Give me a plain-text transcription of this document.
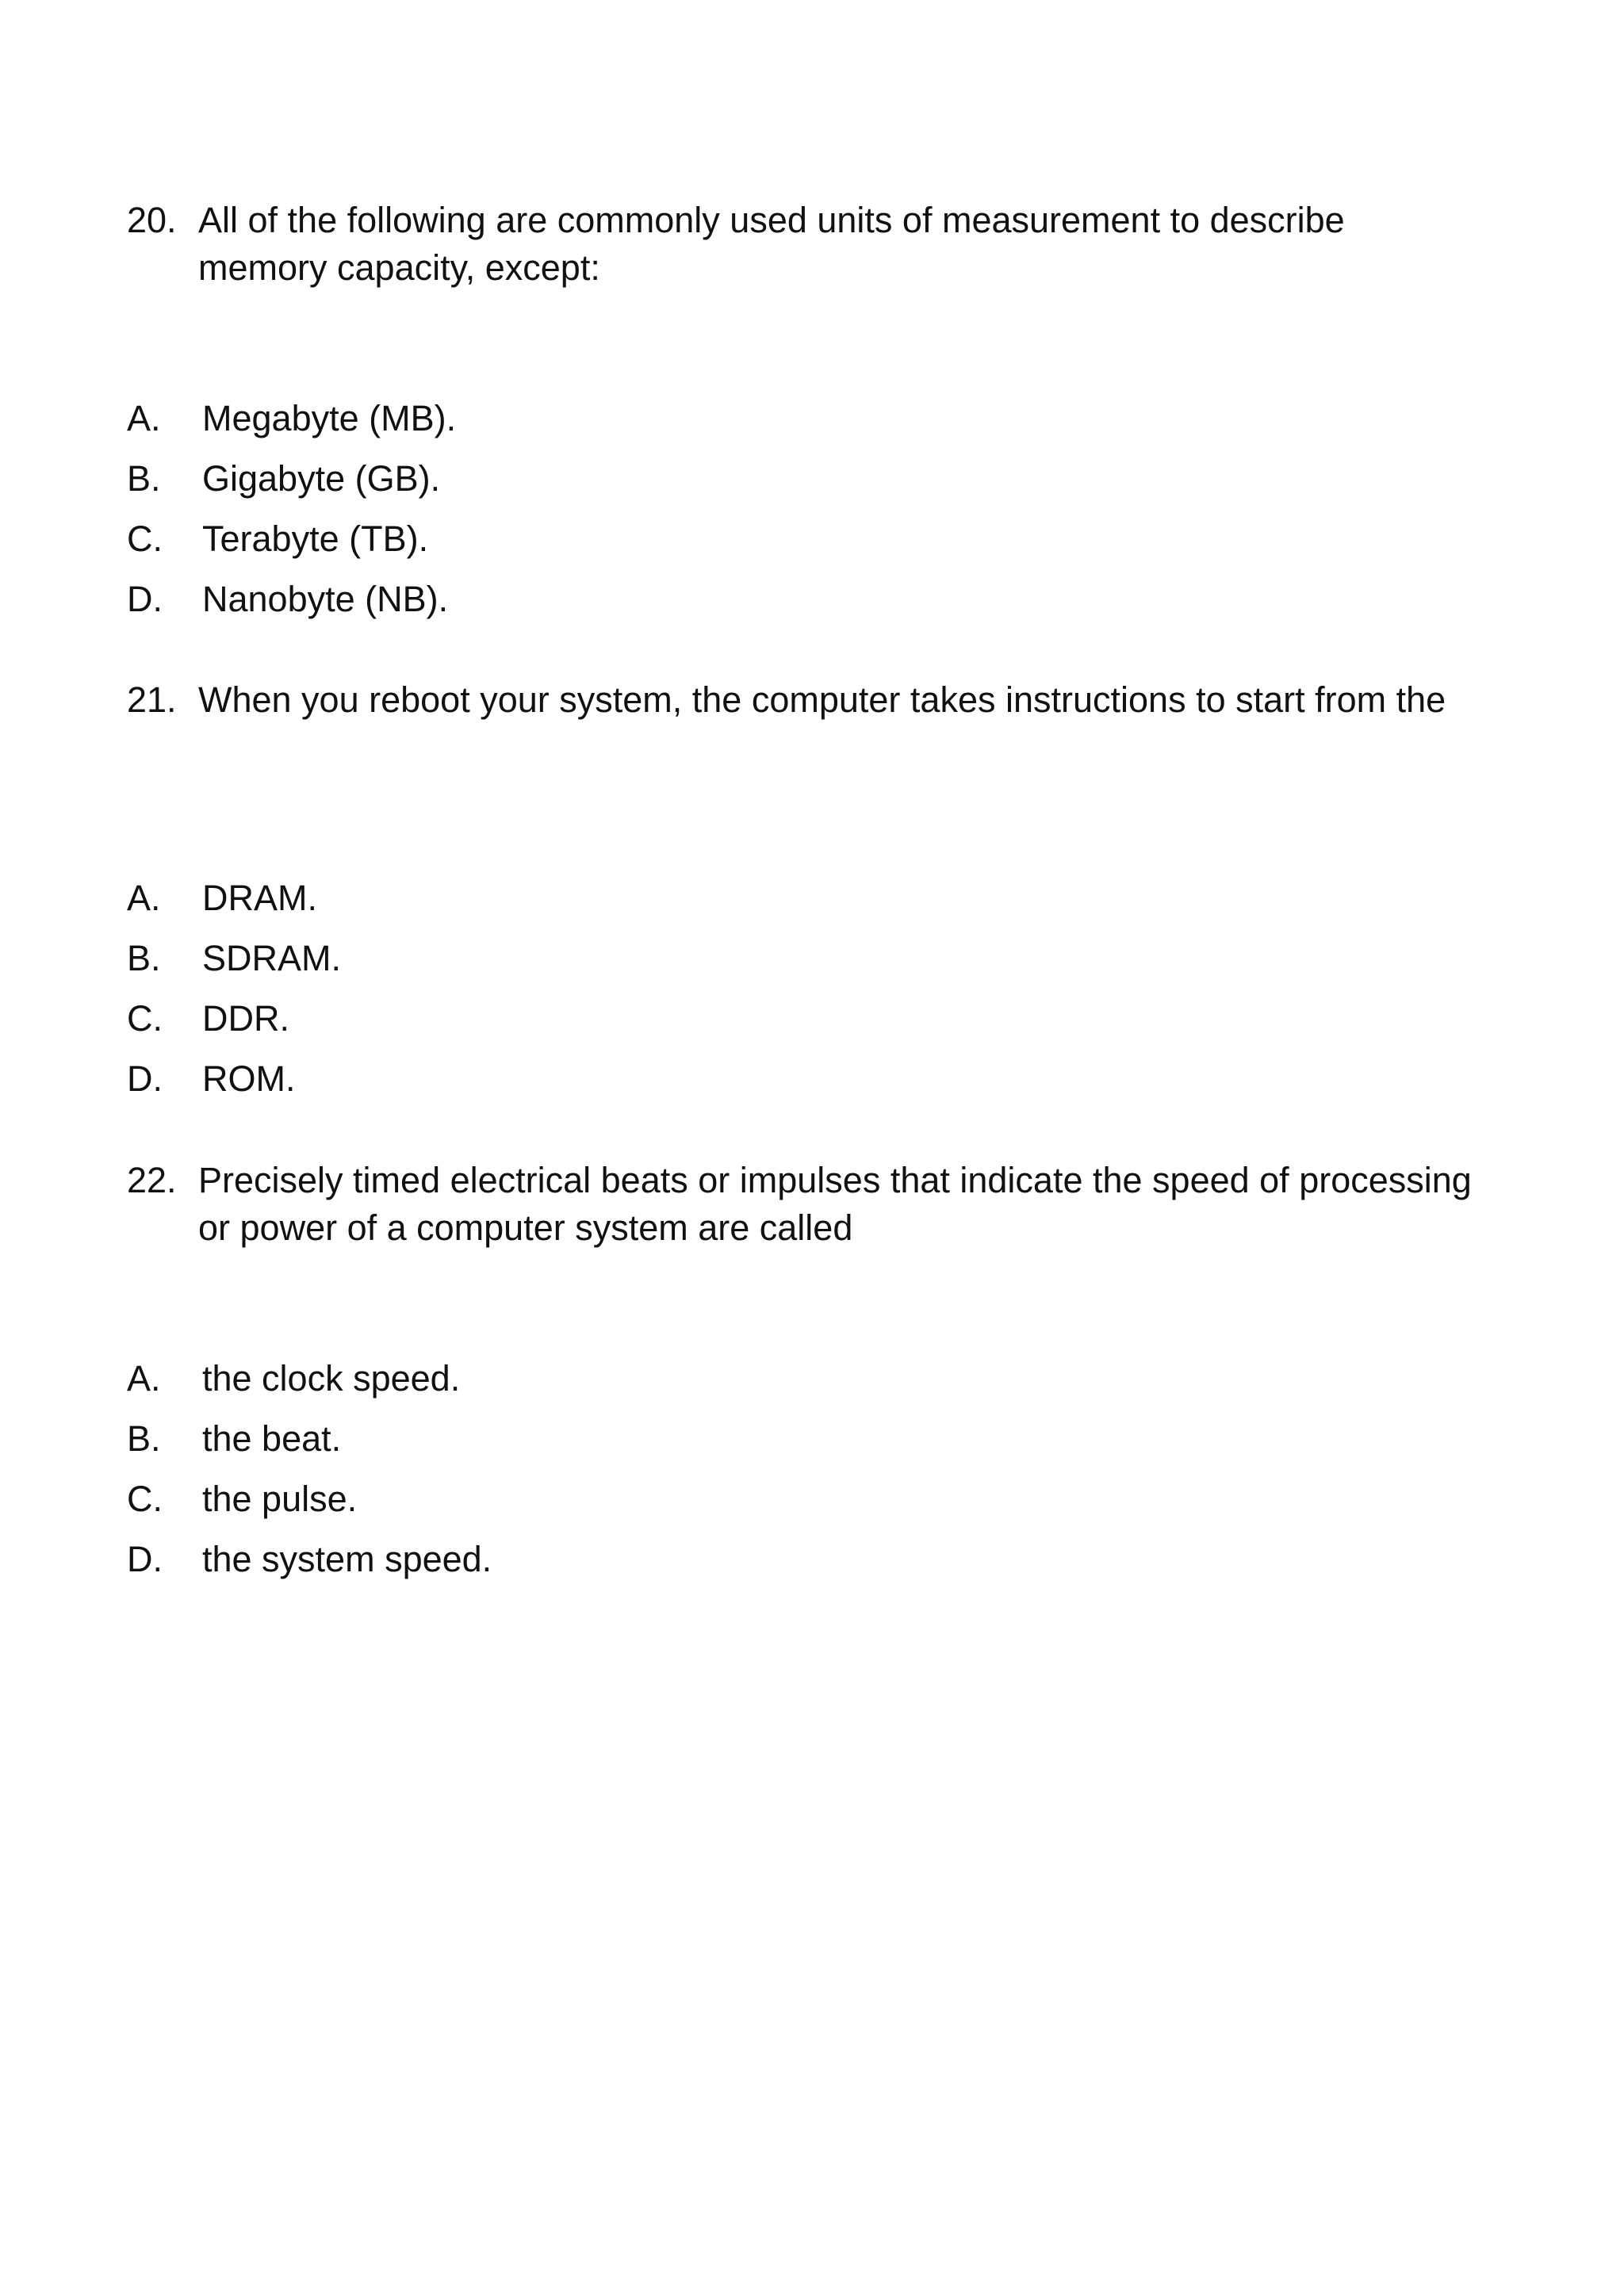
20. All of the following are commonly used units of measurement to describe memory capacity, except:
A. Megabyte (MB).
B. Gigabyte (GB).
C. Terabyte (TB).
D. Nanobyte (NB).
21. When you reboot your system, the computer takes instructions to start from the
A. DRAM.
B. SDRAM.
C. DDR.
D. ROM.
22. Precisely timed electrical beats or impulses that indicate the speed of processing or power of a computer system are called
A. the clock speed.
B. the beat.
C. the pulse.
D. the system speed.
